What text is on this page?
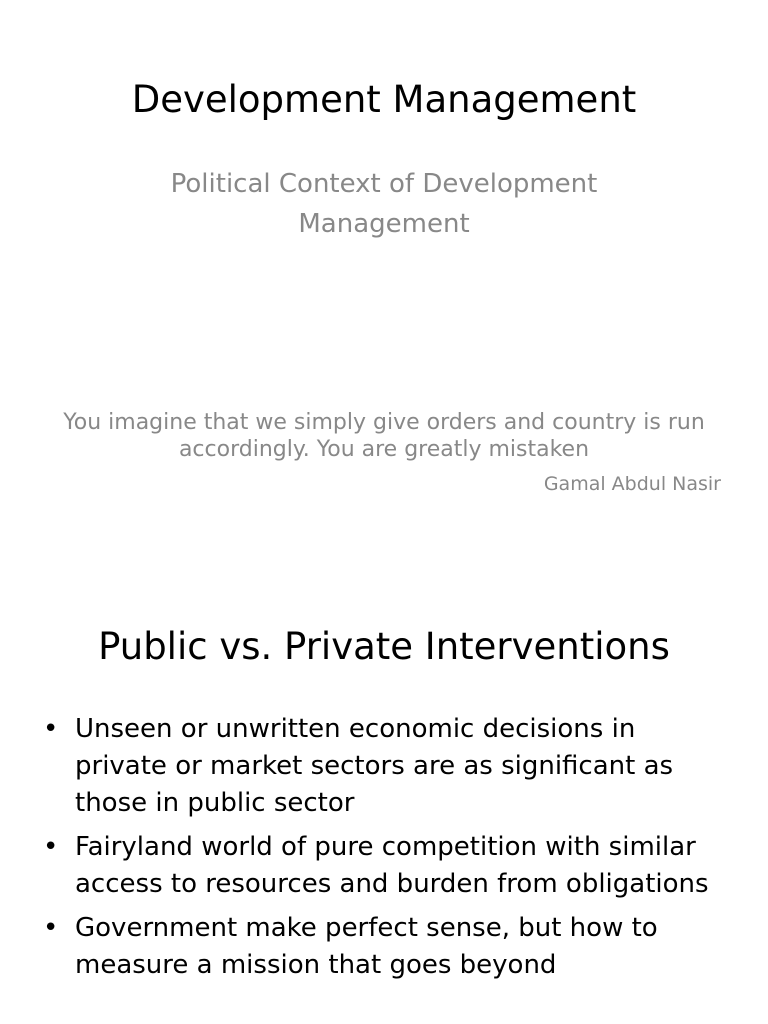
Development Management
Political Context of Development Management
You imagine that we simply give orders and country is run accordingly. You are greatly mistaken
Gamal Abdul Nasir
Public vs. Private Interventions
• Unseen or unwritten economic decisions in private or market sectors are as significant as those in public sector
• Fairyland world of pure competition with similar access to resources and burden from obligations
• Government make perfect sense, but how to measure a mission that goes beyond
